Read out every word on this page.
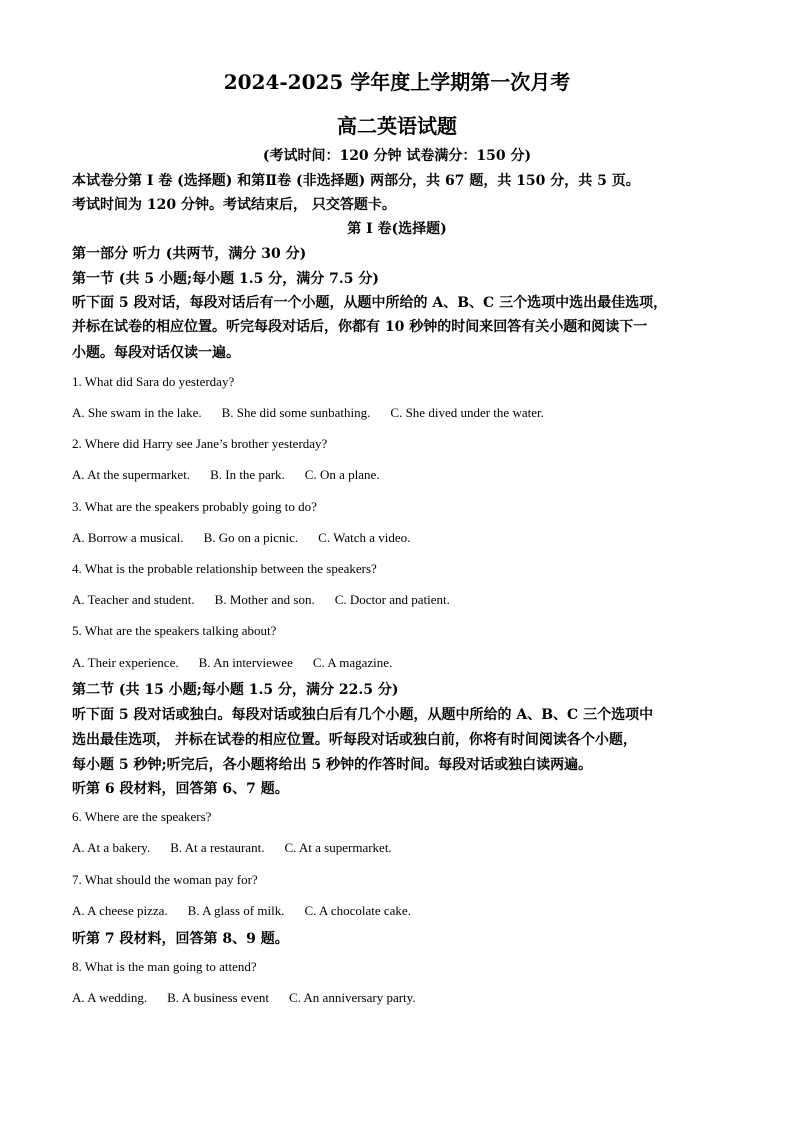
2024-2025 学年度上学期第一次月考
高二英语试题
(考试时间：120 分钟 试卷满分：150 分)
本试卷分第 I 卷 (选择题) 和第Ⅱ卷 (非选择题) 两部分，共 67 题，共 150 分，共 5 页。
考试时间为 120 分钟。考试结束后， 只交答题卡。
第 I 卷(选择题)
第一部分 听力 (共两节，满分 30 分)
第一节 (共 5 小题;每小题 1.5 分，满分 7.5 分)
听下面 5 段对话，每段对话后有一个小题，从题中所给的 A、B、C 三个选项中选出最佳选项，
并标在试卷的相应位置。听完每段对话后，你都有 10 秒钟的时间来回答有关小题和阅读下一
小题。每段对话仅读一遍。
1. What did Sara do yesterday?
A. She swam in the lake. B. She did some sunbathing. C. She dived under the water.
2. Where did Harry see Jane’s brother yesterday?
A. At the supermarket. B. In the park. C. On a plane.
3. What are the speakers probably going to do?
A. Borrow a musical. B. Go on a picnic. C. Watch a video.
4. What is the probable relationship between the speakers?
A. Teacher and student. B. Mother and son. C. Doctor and patient.
5. What are the speakers talking about?
A. Their experience. B. An interviewee C. A magazine.
第二节 (共 15 小题;每小题 1.5 分，满分 22.5 分)
听下面 5 段对话或独白。每段对话或独白后有几个小题，从题中所给的 A、B、C 三个选项中
选出最佳选项， 并标在试卷的相应位置。听每段对话或独白前，你将有时间阅读各个小题，
每小题 5 秒钟;听完后，各小题将给出 5 秒钟的作答时间。每段对话或独白读两遍。
听第 6 段材料，回答第 6、7 题。
6. Where are the speakers?
A. At a bakery. B. At a restaurant. C. At a supermarket.
7. What should the woman pay for?
A. A cheese pizza. B. A glass of milk. C. A chocolate cake.
听第 7 段材料，回答第 8、9 题。
8. What is the man going to attend?
A. A wedding. B. A business event C. An anniversary party.
